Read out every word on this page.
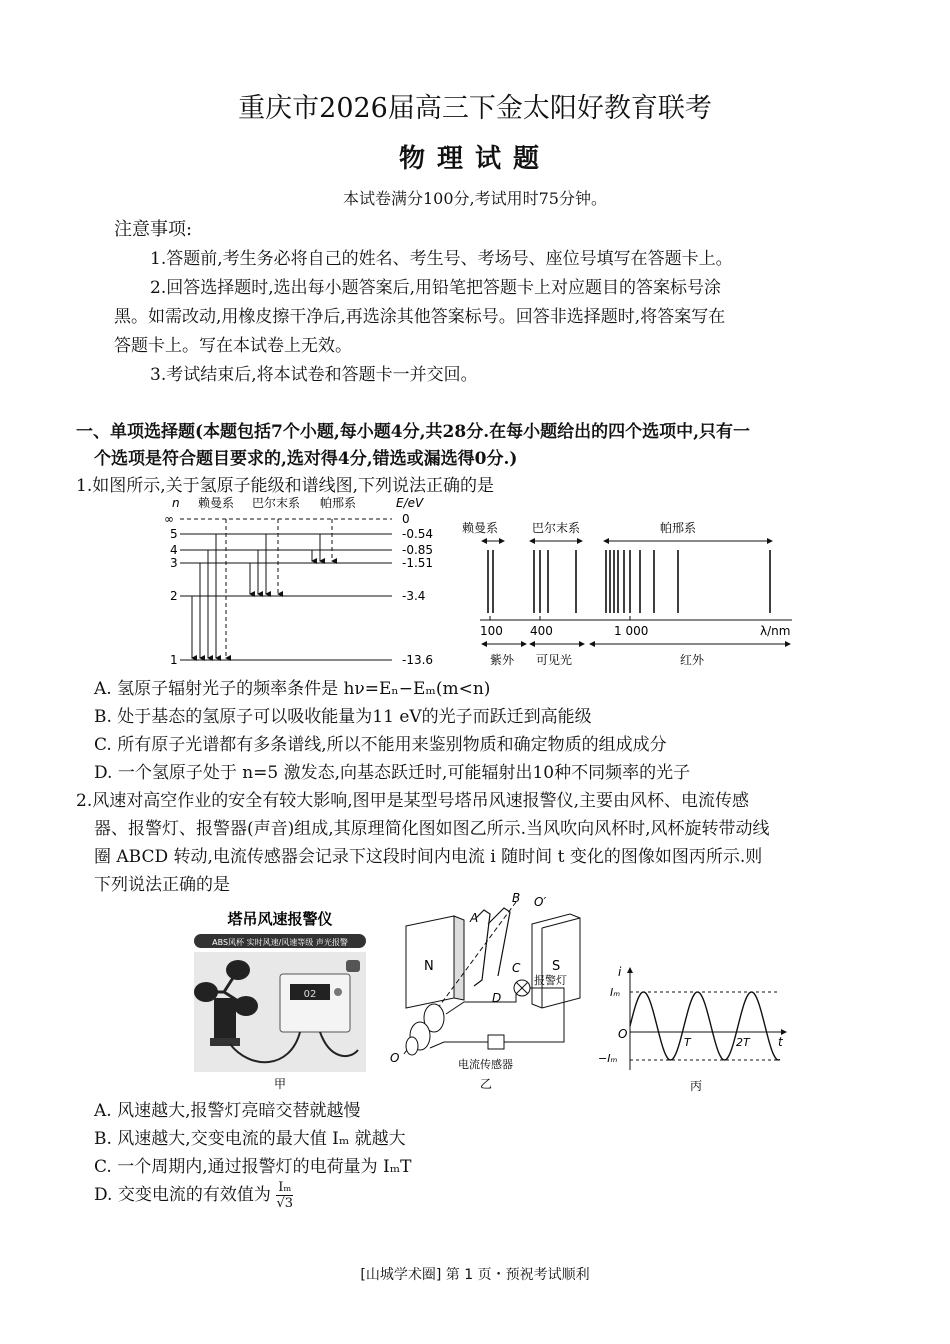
重庆市2026届高三下金太阳好教育联考
物理试题
本试卷满分100分,考试用时75分钟。
注意事项:
1.答题前,考生务必将自己的姓名、考生号、考场号、座位号填写在答题卡上。
2.回答选择题时,选出每小题答案后,用铅笔把答题卡上对应题目的答案标号涂
黑。如需改动,用橡皮擦干净后,再选涂其他答案标号。回答非选择题时,将答案写在
答题卡上。写在本试卷上无效。
3.考试结束后,将本试卷和答题卡一并交回。
一、单项选择题(本题包括7个小题,每小题4分,共28分.在每小题给出的四个选项中,只有一
个选项是符合题目要求的,选对得4分,错选或漏选得0分.)
1.如图所示,关于氢原子能级和谱线图,下列说法正确的是
n 赖曼系 巴尔末系 帕邢系	E/eV
∞
5
4
3
2
1
0
-0.54
-0.85
-1.51
-3.4
-13.6
赖曼系	巴尔末系	帕邢系
100 400	1 000	λ/nm
紫外 可见光	红外
A. 氢原子辐射光子的频率条件是 hν=Eₙ−Eₘ(m<n)
B. 处于基态的氢原子可以吸收能量为11 eV的光子而跃迁到高能级
C. 所有原子光谱都有多条谱线,所以不能用来鉴别物质和确定物质的组成成分
D. 一个氢原子处于 n=5 激发态,向基态跃迁时,可能辐射出10种不同频率的光子
2.风速对高空作业的安全有较大影响,图甲是某型号塔吊风速报警仪,主要由风杯、电流传感
器、报警灯、报警器(声音)组成,其原理简化图如图乙所示.当风吹向风杯时,风杯旋转带动线
圈 ABCD 转动,电流传感器会记录下这段时间内电流 i 随时间 t 变化的图像如图丙所示.则
下列说法正确的是
塔吊风速报警仪
ABS风杯 实时风速/风速等级 声光报警
02
甲
N	S
B O′
A
C
D
报警灯
O	电流传感器
乙
i
Iₘ
O
T	2T t
−Iₘ
丙
A. 风速越大,报警灯亮暗交替就越慢
B. 风速越大,交变电流的最大值 Iₘ 就越大
C. 一个周期内,通过报警灯的电荷量为 IₘT
D. 交变电流的有效值为 $\frac{\text{Iₘ}}{√3}$
[山城学术圈] 第 1 页・预祝考试顺利
